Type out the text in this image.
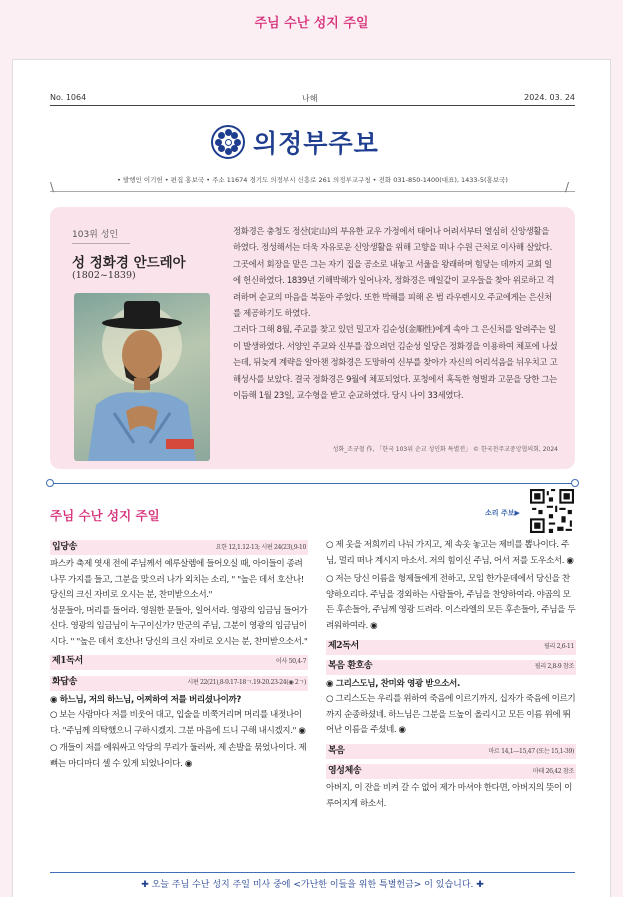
주님 수난 성지 주일
No. 1064	나해	2024. 03. 24
의정부주보
• 발행인 이기헌 • 편집 홍보국 • 주소 11674 경기도 의정부시 신흥로 261 의정부교구청 • 전화 031-850-1400(대표), 1433-5(홍보국)
\	/
103위 성인
성 정화경 안드레아
(1802~1839)

정화경은 충청도 정산(定山)의 부유한 교우 가정에서 태어나 어려서부터 열심히 신앙생활을 하였다. 정성해서는 더욱 자유로운 신앙생활을 위해 고향을 떠나 수원 근처로 이사해 살았다. 그곳에서 회장을 맡은 그는 자기 집을 공소로 내놓고 서울을 왕래하며 힘닿는 데까지 교회 일에 헌신하였다. 1839년 기해박해가 일어나자, 정화경은 매일같이 교우들을 찾아 위로하고 격려하며 순교의 마음을 북돋아 주었다. 또한 박해를 피해 온 범 라우렌시오 주교에게는 은신처를 제공하기도 하였다.

그러다 그해 8월, 주교를 찾고 있던 밀고자 김순성(金順性)에게 속아 그 은신처를 알려주는 일이 발생하였다. 서양인 주교와 신부를 잡으려던 김순성 일당은 정화경을 이용하여 체포에 나섰는데, 뒤늦게 계략을 알아챈 정화경은 도망하여 신부를 찾아가 자신의 어리석음을 뉘우치고 고해성사를 보았다. 결국 정화경은 9월에 체포되었다. 포청에서 혹독한 형벌과 고문을 당한 그는 이듬해 1월 23일, 교수형을 받고 순교하였다. 당시 나이 33세였다.

성화_조규철 作, 「한국 103위 순교 성인화 특별전」 © 한국천주교중앙협의회, 2024
주님 수난 성지 주일	소리 주보▶
입당송	요한 12,1.12-13; 시편 24(23),9-10

파스카 축제 엿새 전에 주님께서 예루살렘에 들어오실 때, 아이들이 종려나무 가지를 들고, 그분을 맞으러 나가 외치는 소리, " "높은 데서 호산나! 당신의 크신 자비로 오시는 분, 찬미받으소서."

성문들아, 머리를 들어라. 영원한 문들아, 일어서라. 영광의 임금님 들어가신다. 영광의 임금님이 누구이신가? 만군의 주님, 그분이 영광의 임금님이시다. " "높은 데서 호산나! 당신의 크신 자비로 오시는 분, 찬미받으소서."

제1독서	이사 50,4-7
화답송	시편 22(21),8-9.17-18ㄱ.19-20.23-24(◉ 2ㄱ)

◉ 하느님, 저의 하느님, 어찌하여 저를 버리셨나이까?

○ 보는 사람마다 저를 비웃어 대고, 입술을 비쭉거리며 머리를 내젓나이다. "주님께 의탁했으니 구하시겠지. 그분 마음에 드니 구해 내시겠지." ◉

○ 개들이 저를 에워싸고 악당의 무리가 둘러싸, 제 손발을 묶었나이다. 제 뼈는 마디마디 셀 수 있게 되었나이다. ◉

○ 제 옷을 저희끼리 나눠 가지고, 제 속옷 놓고는 제비를 뽑나이다. 주님, 멀리 떠나 계시지 마소서. 저의 힘이신 주님, 어서 저를 도우소서. ◉

○ 저는 당신 이름을 형제들에게 전하고, 모임 한가운데에서 당신을 찬양하오리다. 주님을 경외하는 사람들아, 주님을 찬양하여라. 야곱의 모든 후손들아, 주님께 영광 드려라. 이스라엘의 모든 후손들아, 주님을 두려워하여라. ◉

제2독서	필리 2,6-11
복음 환호송	필리 2,8-9 참조

◉ 그리스도님, 찬미와 영광 받으소서.

○ 그리스도는 우리를 위하여 죽음에 이르기까지, 십자가 죽음에 이르기까지 순종하셨네. 하느님은 그분을 드높이 올리시고 모든 이름 위에 뛰어난 이름을 주셨네. ◉

복음	마르 14,1—15,47 (또는 15,1-39)
영성체송	마태 26,42 참조

아버지, 이 잔을 비켜 갈 수 없어 제가 마셔야 한다면, 아버지의 뜻이 이루어지게 하소서.

✚ 오늘 주님 수난 성지 주일 미사 중에 <가난한 이들을 위한 특별헌금> 이 있습니다. ✚
